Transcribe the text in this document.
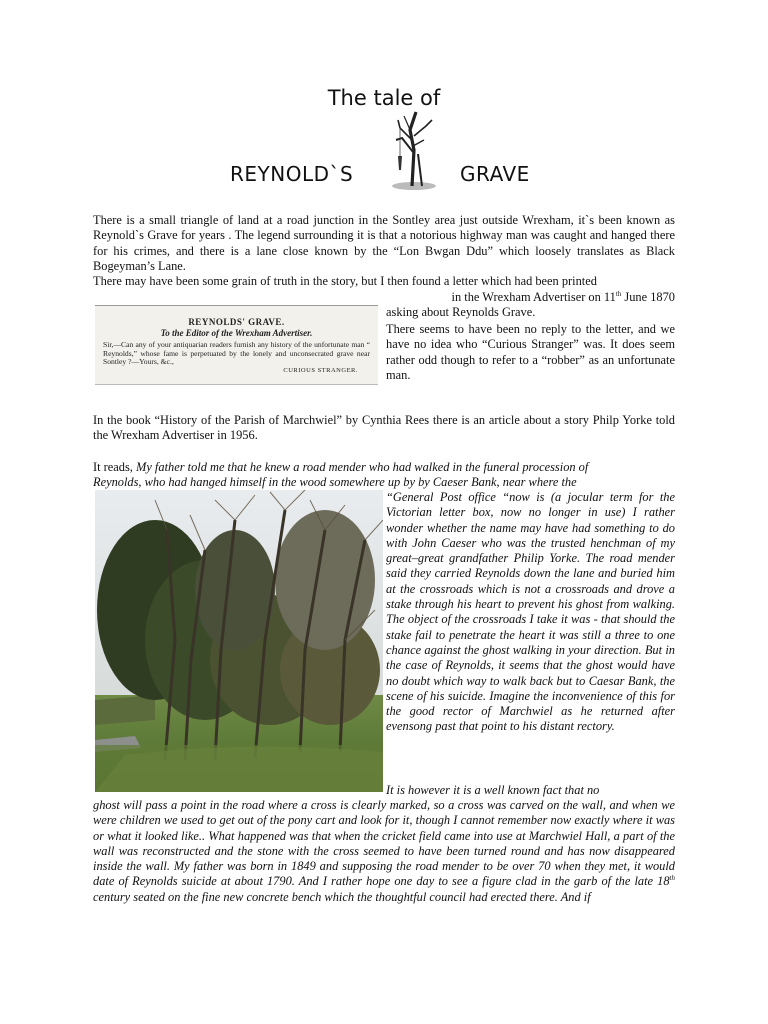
The tale of
REYNOLD`S	GRAVE
There is a small triangle of land at a road junction in the Sontley area just outside Wrexham, it`s been known as Reynold`s Grave for years . The legend surrounding it is that a notorious highway man was caught and hanged there for his crimes, and there is a lane close known by the “Lon Bwgan Ddu” which loosely translates as Black Bogeyman’s Lane.
There may have been some grain of truth in the story, but I then found a letter which had been printed
in the Wrexham Advertiser on 11th June 1870
asking about Reynolds Grave.
There seems to have been no reply to the letter, and we have no idea who “Curious Stranger” was. It does seem rather odd though to refer to a “robber” as an unfortunate man.
REYNOLDS' GRAVE.
To the Editor of the Wrexham Advertiser.
Sir,—Can any of your antiquarian readers furnish any history of the unfortunate man “ Reynolds,” whose fame is perpetuated by the lonely and unconsecrated grave near Sontley ?—Yours, &c.,
CURIOUS STRANGER.
In the book “History of the Parish of Marchwiel” by Cynthia Rees there is an article about a story Philp Yorke told the Wrexham Advertiser in 1956.
It reads, My father told me that he knew a road mender who had walked in the funeral procession of
Reynolds, who had hanged himself in the wood somewhere up by by Caeser Bank, near where the
“General Post office “now is (a jocular term for the Victorian letter box, now no longer in use) I rather wonder whether the name may have had something to do with John Caeser who was the trusted henchman of my great–great grandfather Philip Yorke. The road mender said they carried Reynolds down the lane and buried him at the crossroads which is not a crossroads and drove a stake through his heart to prevent his ghost from walking. The object of the crossroads I take it was - that should the stake fail to penetrate the heart it was still a three to one chance against the ghost walking in your direction. But in the case of Reynolds, it seems that the ghost would have no doubt which way to walk back but to Caesar Bank, the scene of his suicide. Imagine the inconvenience of this for the good rector of Marchwiel as he returned after evensong past that point to his distant rectory.
It is however it is a well known fact that no
ghost will pass a point in the road where a cross is clearly marked, so a cross was carved on the wall, and when we were children we used to get out of the pony cart and look for it, though I cannot remember now exactly where it was or what it looked like.. What happened was that when the cricket field came into use at Marchwiel Hall, a part of the wall was reconstructed and the stone with the cross seemed to have been turned round and has now disappeared inside the wall. My father was born in 1849 and supposing the road mender to be over 70 when they met, it would date of Reynolds suicide at about 1790. And I rather hope one day to see a figure clad in the garb of the late 18th century seated on the fine new concrete bench which the thoughtful council had erected there. And if
